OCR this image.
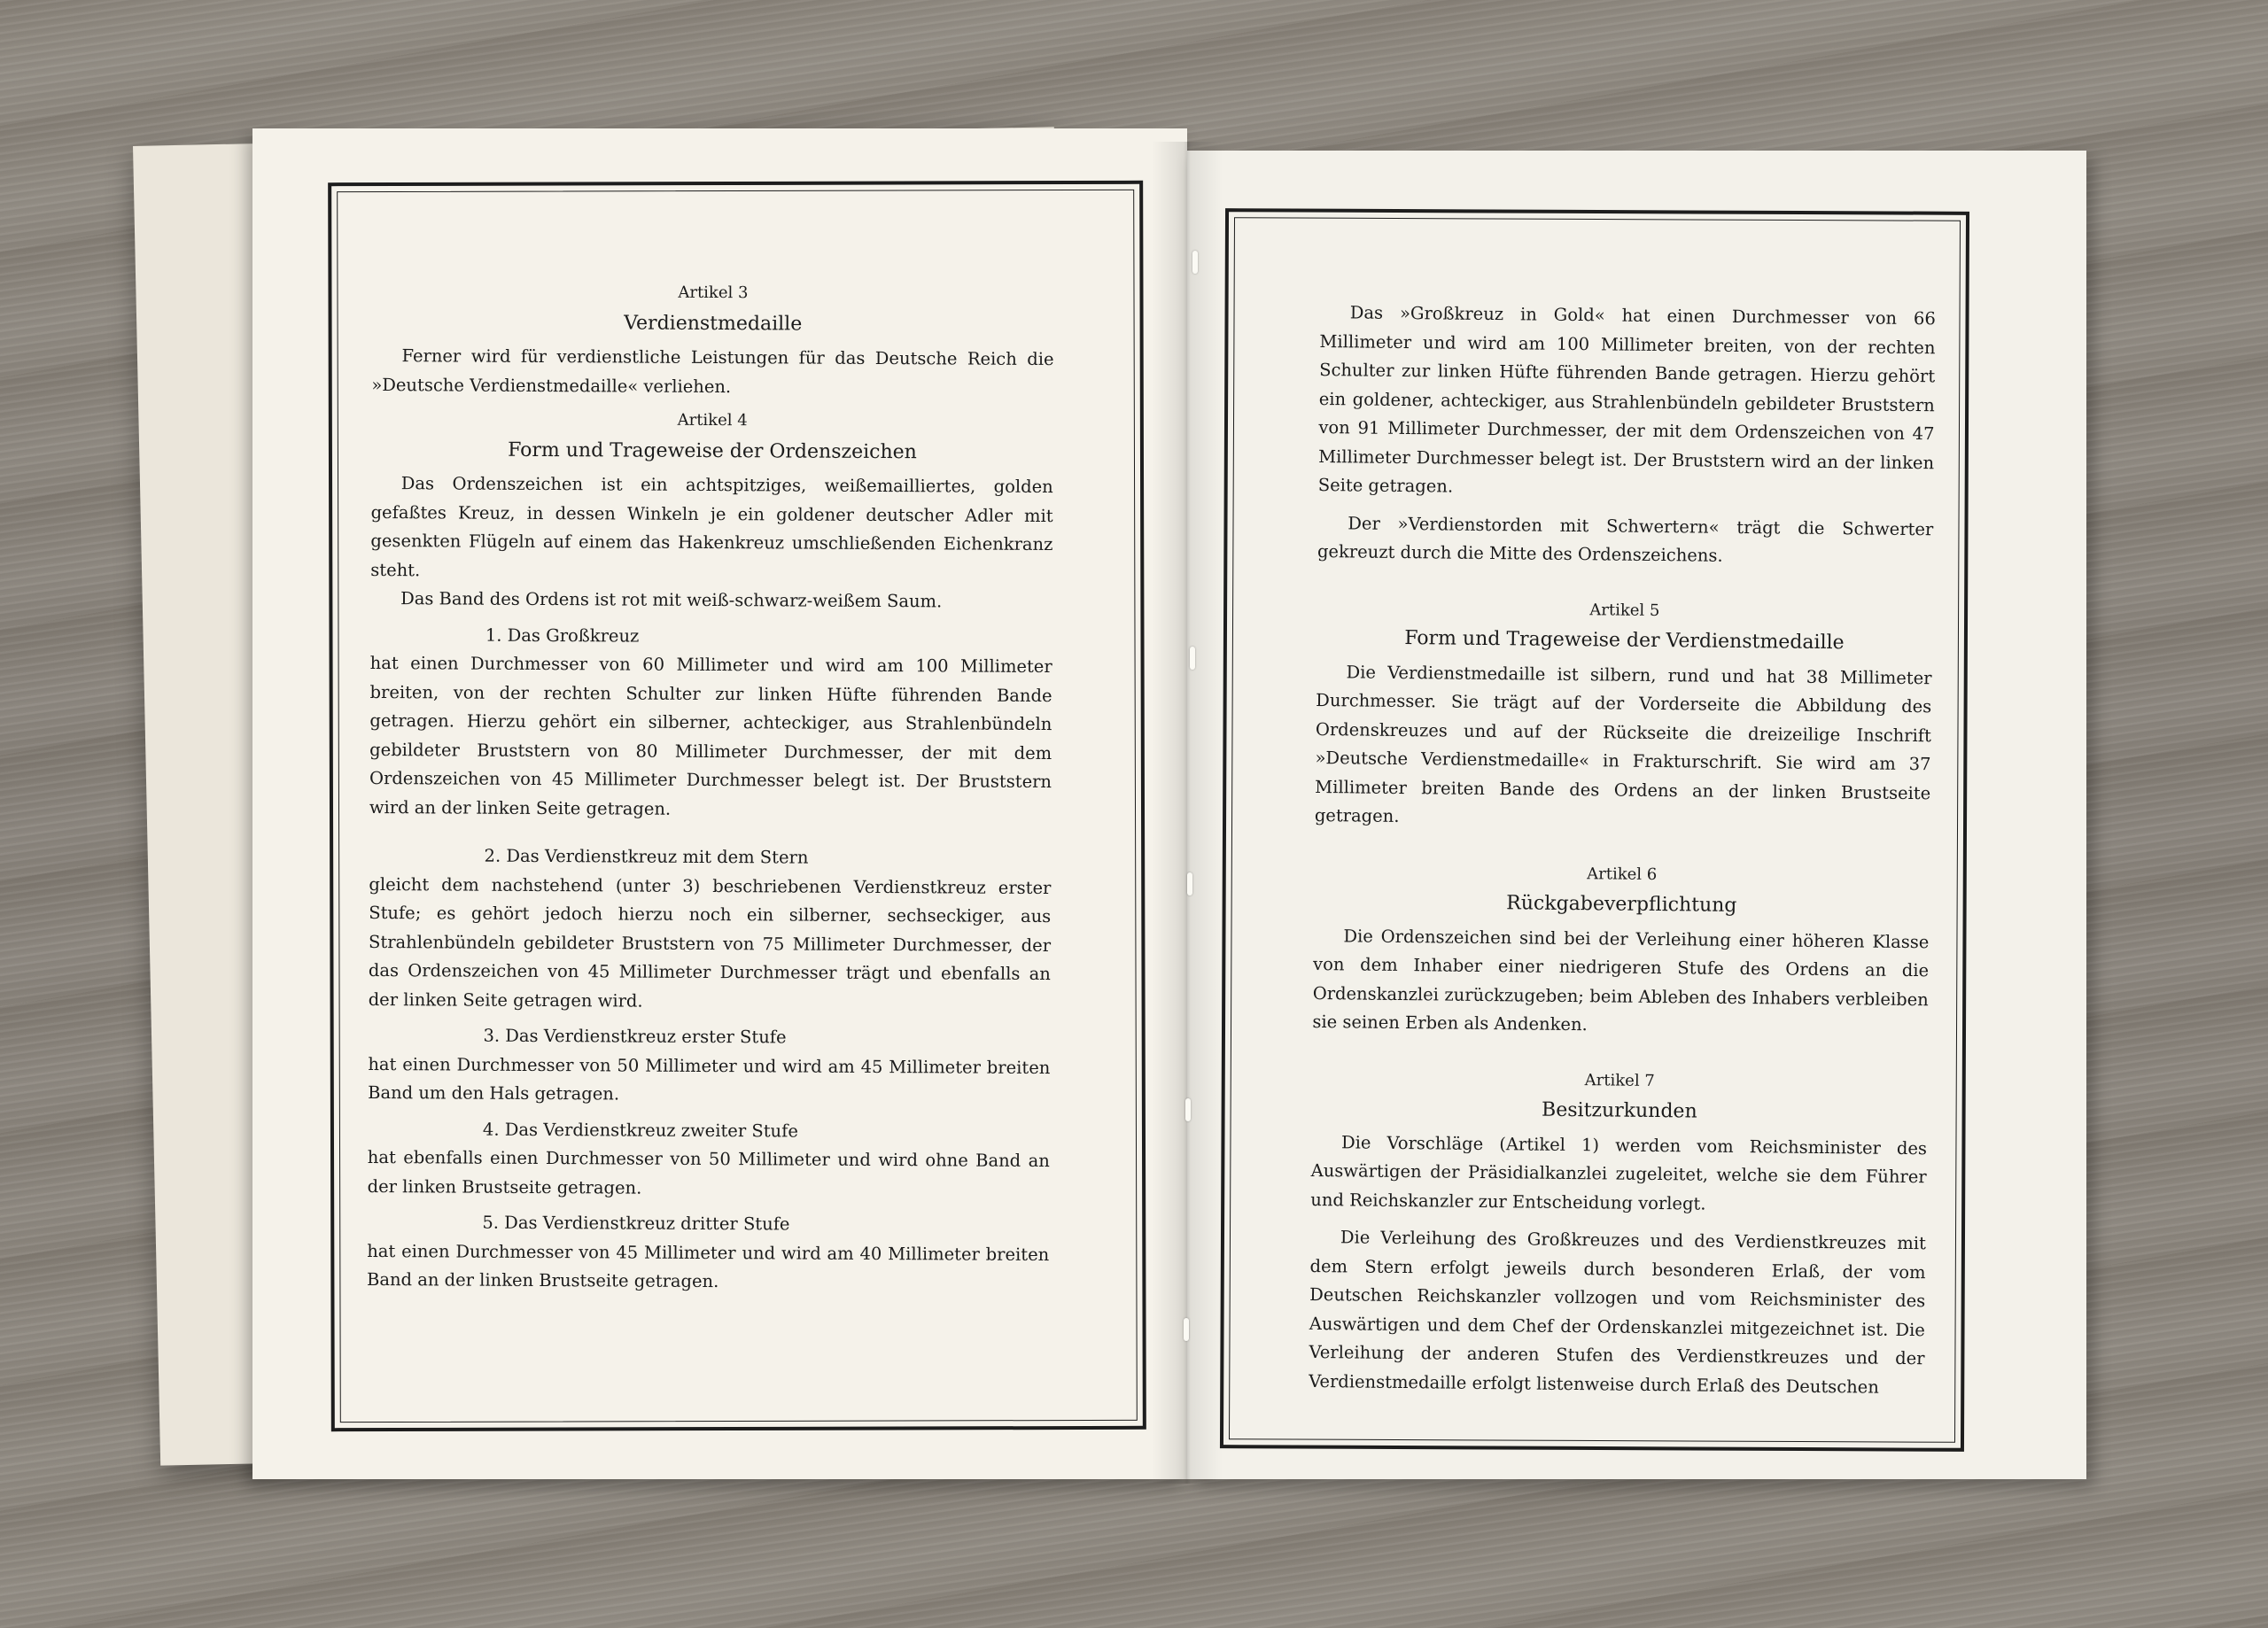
Artikel 3
Verdienstmedaille

Ferner wird für verdienstliche Leistungen für das Deutsche Reich die »Deutsche Verdienstmedaille« verliehen.

Artikel 4
Form und Trageweise der Ordenszeichen

Das Ordenszeichen ist ein achtspitziges, weißemailliertes, golden gefaßtes Kreuz, in dessen Winkeln je ein goldener deutscher Adler mit gesenkten Flügeln auf einem das Hakenkreuz umschließenden Eichenkranz steht.

Das Band des Ordens ist rot mit weiß-schwarz-weißem Saum.

1. Das Großkreuz
hat einen Durchmesser von 60 Millimeter und wird am 100 Millimeter breiten, von der rechten Schulter zur linken Hüfte führenden Bande getragen. Hierzu gehört ein silberner, achteckiger, aus Strahlenbündeln gebildeter Bruststern von 80 Millimeter Durchmesser, der mit dem Ordenszeichen von 45 Millimeter Durchmesser belegt ist. Der Bruststern wird an der linken Seite getragen.
2. Das Verdienstkreuz mit dem Stern
gleicht dem nachstehend (unter 3) beschriebenen Verdienstkreuz erster Stufe; es gehört jedoch hierzu noch ein silberner, sechseckiger, aus Strahlenbündeln gebildeter Bruststern von 75 Millimeter Durchmesser, der das Ordenszeichen von 45 Millimeter Durchmesser trägt und ebenfalls an der linken Seite getragen wird.
3. Das Verdienstkreuz erster Stufe
hat einen Durchmesser von 50 Millimeter und wird am 45 Millimeter breiten Band um den Hals getragen.
4. Das Verdienstkreuz zweiter Stufe
hat ebenfalls einen Durchmesser von 50 Millimeter und wird ohne Band an der linken Brustseite getragen.
5. Das Verdienstkreuz dritter Stufe
hat einen Durchmesser von 45 Millimeter und wird am 40 Millimeter breiten Band an der linken Brustseite getragen.

Das »Großkreuz in Gold« hat einen Durchmesser von 66 Millimeter und wird am 100 Millimeter breiten, von der rechten Schulter zur linken Hüfte führenden Bande getragen. Hierzu gehört ein goldener, achteckiger, aus Strahlenbündeln gebildeter Bruststern von 91 Millimeter Durchmesser, der mit dem Ordenszeichen von 47 Millimeter Durchmesser belegt ist. Der Bruststern wird an der linken Seite getragen.

Der »Verdienstorden mit Schwertern« trägt die Schwerter gekreuzt durch die Mitte des Ordenszeichens.

Artikel 5
Form und Trageweise der Verdienstmedaille

Die Verdienstmedaille ist silbern, rund und hat 38 Millimeter Durchmesser. Sie trägt auf der Vorderseite die Abbildung des Ordenskreuzes und auf der Rückseite die dreizeilige Inschrift »Deutsche Verdienstmedaille« in Frakturschrift. Sie wird am 37 Millimeter breiten Bande des Ordens an der linken Brustseite getragen.

Artikel 6
Rückgabeverpflichtung

Die Ordenszeichen sind bei der Verleihung einer höheren Klasse von dem Inhaber einer niedrigeren Stufe des Ordens an die Ordenskanzlei zurückzugeben; beim Ableben des Inhabers verbleiben sie seinen Erben als Andenken.

Artikel 7
Besitzurkunden

Die Vorschläge (Artikel 1) werden vom Reichsminister des Auswärtigen der Präsidialkanzlei zugeleitet, welche sie dem Führer und Reichskanzler zur Entscheidung vorlegt.

Die Verleihung des Großkreuzes und des Verdienstkreuzes mit dem Stern erfolgt jeweils durch besonderen Erlaß, der vom Deutschen Reichskanzler vollzogen und vom Reichsminister des Auswärtigen und dem Chef der Ordenskanzlei mitgezeichnet ist. Die Verleihung der anderen Stufen des Verdienstkreuzes und der Verdienstmedaille erfolgt listenweise durch Erlaß des Deutschen
